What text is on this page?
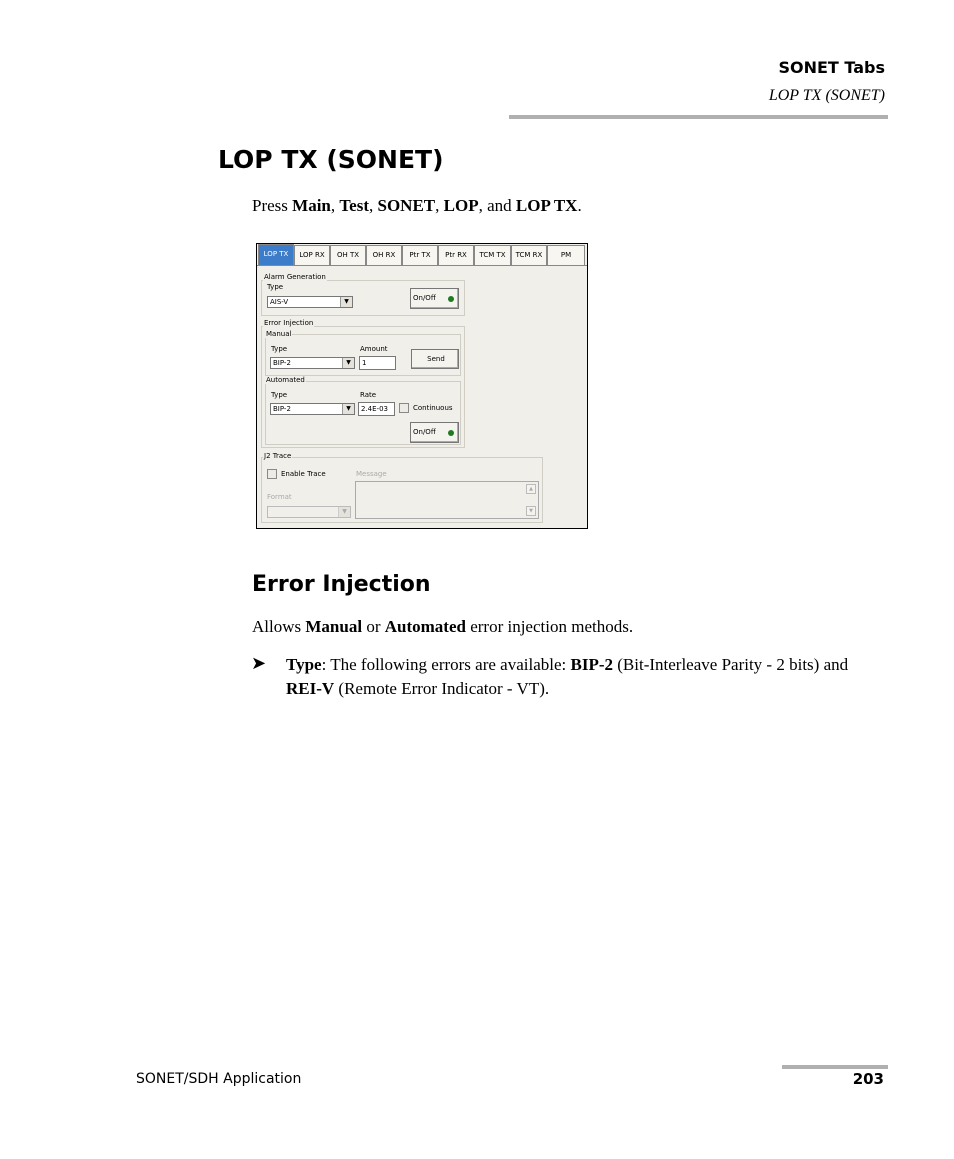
SONET Tabs
LOP TX (SONET)
LOP TX (SONET)
Press Main, Test, SONET, LOP, and LOP TX.
LOP TX	LOP RX	OH TX	OH RX	Ptr TX	Ptr RX	TCM TX	TCM RX	PM
Alarm Generation
Type
AIS-V	▼	On/Off
Error Injection
Manual
Type
BIP-2	▼
Amount
1	Send
Automated
Type
BIP-2	▼
Rate
2.4E-03	Continuous
On/Off
J2 Trace
Enable Trace	Message
▲
▼
Format
▼
Error Injection
Allows Manual or Automated error injection methods.
➤ Type: The following errors are available: BIP-2 (Bit-Interleave Parity - 2 bits) and REI-V (Remote Error Indicator - VT).
SONET/SDH Application	203
